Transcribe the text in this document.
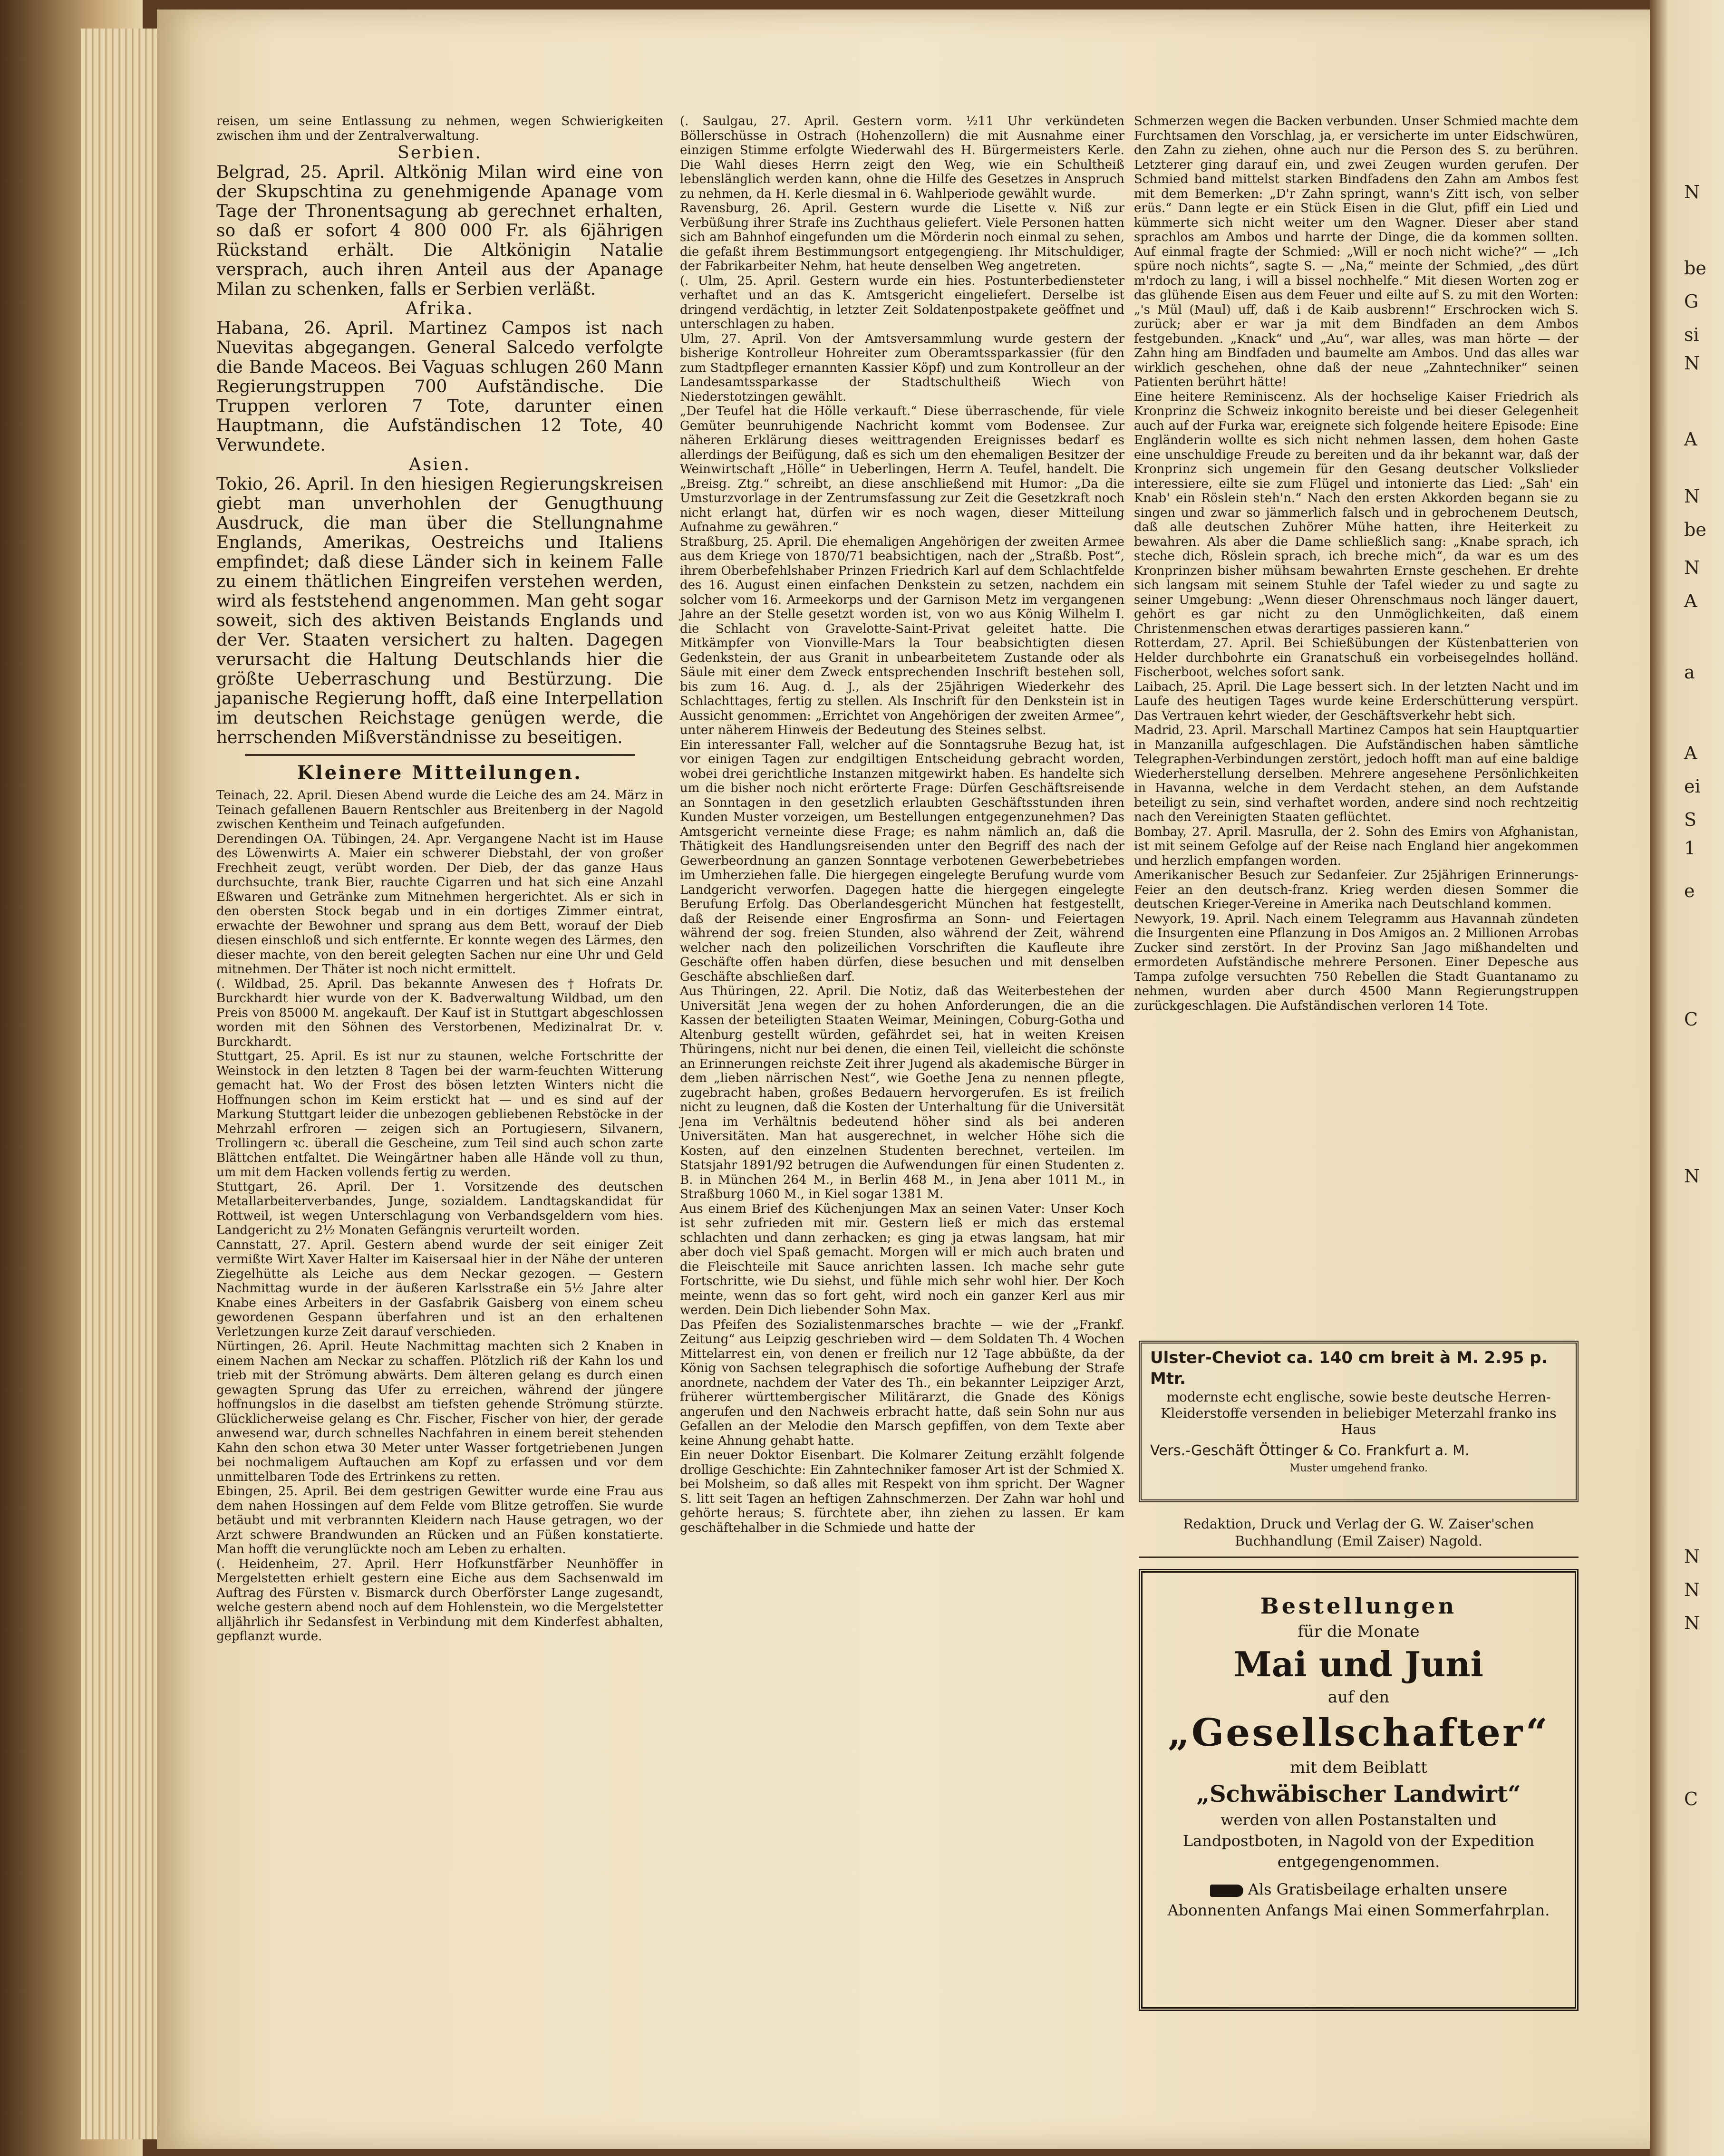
N
be
G
si
N
A
N
be
N
A
a
A
ei
S
1
e
C
N
N
N
N
C

reisen, um seine Entlassung zu nehmen, wegen Schwierigkeiten zwischen ihm und der Zentralverwaltung.

Serbien.

Belgrad, 25. April. Altkönig Milan wird eine von der Skupschtina zu genehmigende Apanage vom Tage der Thronentsagung ab gerechnet erhalten, so daß er sofort 4 800 000 Fr. als 6jährigen Rückstand erhält. Die Altkönigin Natalie versprach, auch ihren Anteil aus der Apanage Milan zu schenken, falls er Serbien verläßt.

Afrika.

Habana, 26. April. Martinez Campos ist nach Nuevitas abgegangen. General Salcedo verfolgte die Bande Maceos. Bei Vaguas schlugen 260 Mann Regierungstruppen 700 Aufständische. Die Truppen verloren 7 Tote, darunter einen Hauptmann, die Aufständischen 12 Tote, 40 Verwundete.

Asien.

Tokio, 26. April. In den hiesigen Regierungskreisen giebt man unverhohlen der Genugthuung Ausdruck, die man über die Stellungnahme Englands, Amerikas, Oestreichs und Italiens empfindet; daß diese Länder sich in keinem Falle zu einem thätlichen Eingreifen verstehen werden, wird als feststehend angenommen. Man geht sogar soweit, sich des aktiven Beistands Englands und der Ver. Staaten versichert zu halten. Dagegen verursacht die Haltung Deutschlands hier die größte Ueberraschung und Bestürzung. Die japanische Regierung hofft, daß eine Interpellation im deutschen Reichstage genügen werde, die herrschenden Mißverständnisse zu beseitigen.

Kleinere Mitteilungen.

Teinach, 22. April. Diesen Abend wurde die Leiche des am 24. März in Teinach gefallenen Bauern Rentschler aus Breitenberg in der Nagold zwischen Kentheim und Teinach aufgefunden.

Derendingen OA. Tübingen, 24. Apr. Vergangene Nacht ist im Hause des Löwenwirts A. Maier ein schwerer Diebstahl, der von großer Frechheit zeugt, verübt worden. Der Dieb, der das ganze Haus durchsuchte, trank Bier, rauchte Cigarren und hat sich eine Anzahl Eßwaren und Getränke zum Mitnehmen hergerichtet. Als er sich in den obersten Stock begab und in ein dortiges Zimmer eintrat, erwachte der Bewohner und sprang aus dem Bett, worauf der Dieb diesen einschloß und sich entfernte. Er konnte wegen des Lärmes, den dieser machte, von den bereit gelegten Sachen nur eine Uhr und Geld mitnehmen. Der Thäter ist noch nicht ermittelt.

(. Wildbad, 25. April. Das bekannte Anwesen des † Hofrats Dr. Burckhardt hier wurde von der K. Badverwaltung Wildbad, um den Preis von 85000 M. angekauft. Der Kauf ist in Stuttgart abgeschlossen worden mit den Söhnen des Verstorbenen, Medizinalrat Dr. v. Burckhardt.

Stuttgart, 25. April. Es ist nur zu staunen, welche Fortschritte der Weinstock in den letzten 8 Tagen bei der warm-feuchten Witterung gemacht hat. Wo der Frost des bösen letzten Winters nicht die Hoffnungen schon im Keim erstickt hat — und es sind auf der Markung Stuttgart leider die unbezogen gebliebenen Rebstöcke in der Mehrzahl erfroren — zeigen sich an Portugiesern, Silvanern, Trollingern ꝛc. überall die Gescheine, zum Teil sind auch schon zarte Blättchen entfaltet. Die Weingärtner haben alle Hände voll zu thun, um mit dem Hacken vollends fertig zu werden.

Stuttgart, 26. April. Der 1. Vorsitzende des deutschen Metallarbeiterverbandes, Junge, sozialdem. Landtagskandidat für Rottweil, ist wegen Unterschlagung von Verbandsgeldern vom hies. Landgericht zu 2½ Monaten Gefängnis verurteilt worden.

Cannstatt, 27. April. Gestern abend wurde der seit einiger Zeit vermißte Wirt Xaver Halter im Kaisersaal hier in der Nähe der unteren Ziegelhütte als Leiche aus dem Neckar gezogen. — Gestern Nachmittag wurde in der äußeren Karlsstraße ein 5½ Jahre alter Knabe eines Arbeiters in der Gasfabrik Gaisberg von einem scheu gewordenen Gespann überfahren und ist an den erhaltenen Verletzungen kurze Zeit darauf verschieden.

Nürtingen, 26. April. Heute Nachmittag machten sich 2 Knaben in einem Nachen am Neckar zu schaffen. Plötzlich riß der Kahn los und trieb mit der Strömung abwärts. Dem älteren gelang es durch einen gewagten Sprung das Ufer zu erreichen, während der jüngere hoffnungslos in die daselbst am tiefsten gehende Strömung stürzte. Glücklicherweise gelang es Chr. Fischer, Fischer von hier, der gerade anwesend war, durch schnelles Nachfahren in einem bereit stehenden Kahn den schon etwa 30 Meter unter Wasser fortgetriebenen Jungen bei nochmaligem Auftauchen am Kopf zu erfassen und vor dem unmittelbaren Tode des Ertrinkens zu retten.

Ebingen, 25. April. Bei dem gestrigen Gewitter wurde eine Frau aus dem nahen Hossingen auf dem Felde vom Blitze getroffen. Sie wurde betäubt und mit verbrannten Kleidern nach Hause getragen, wo der Arzt schwere Brandwunden an Rücken und an Füßen konstatierte. Man hofft die verunglückte noch am Leben zu erhalten.

(. Heidenheim, 27. April. Herr Hofkunstfärber Neunhöffer in Mergelstetten erhielt gestern eine Eiche aus dem Sachsenwald im Auftrag des Fürsten v. Bismarck durch Oberförster Lange zugesandt, welche gestern abend noch auf dem Hohlenstein, wo die Mergelstetter alljährlich ihr Sedansfest in Verbindung mit dem Kinderfest abhalten, gepflanzt wurde.

(. Saulgau, 27. April. Gestern vorm. ½11 Uhr verkündeten Böllerschüsse in Ostrach (Hohenzollern) die mit Ausnahme einer einzigen Stimme erfolgte Wiederwahl des H. Bürgermeisters Kerle. Die Wahl dieses Herrn zeigt den Weg, wie ein Schultheiß lebenslänglich werden kann, ohne die Hilfe des Gesetzes in Anspruch zu nehmen, da H. Kerle diesmal in 6. Wahlperiode gewählt wurde.

Ravensburg, 26. April. Gestern wurde die Lisette v. Niß zur Verbüßung ihrer Strafe ins Zuchthaus geliefert. Viele Personen hatten sich am Bahnhof eingefunden um die Mörderin noch einmal zu sehen, die gefaßt ihrem Bestimmungsort entgegengieng. Ihr Mitschuldiger, der Fabrikarbeiter Nehm, hat heute denselben Weg angetreten.

(. Ulm, 25. April. Gestern wurde ein hies. Postunterbediensteter verhaftet und an das K. Amtsgericht eingeliefert. Derselbe ist dringend verdächtig, in letzter Zeit Soldatenpostpakete geöffnet und unterschlagen zu haben.

Ulm, 27. April. Von der Amtsversammlung wurde gestern der bisherige Kontrolleur Hohreiter zum Oberamtssparkassier (für den zum Stadtpfleger ernannten Kassier Köpf) und zum Kontrolleur an der Landesamtssparkasse der Stadtschultheiß Wiech von Niederstotzingen gewählt.

„Der Teufel hat die Hölle verkauft.“ Diese überraschende, für viele Gemüter beunruhigende Nachricht kommt vom Bodensee. Zur näheren Erklärung dieses weittragenden Ereignisses bedarf es allerdings der Beifügung, daß es sich um den ehemaligen Besitzer der Weinwirtschaft „Hölle“ in Ueberlingen, Herrn A. Teufel, handelt. Die „Breisg. Ztg.“ schreibt, an diese anschließend mit Humor: „Da die Umsturzvorlage in der Zentrumsfassung zur Zeit die Gesetzkraft noch nicht erlangt hat, dürfen wir es noch wagen, dieser Mitteilung Aufnahme zu gewähren.“

Straßburg, 25. April. Die ehemaligen Angehörigen der zweiten Armee aus dem Kriege von 1870/71 beabsichtigen, nach der „Straßb. Post“, ihrem Oberbefehlshaber Prinzen Friedrich Karl auf dem Schlachtfelde des 16. August einen einfachen Denkstein zu setzen, nachdem ein solcher vom 16. Armeekorps und der Garnison Metz im vergangenen Jahre an der Stelle gesetzt worden ist, von wo aus König Wilhelm I. die Schlacht von Gravelotte-Saint-Privat geleitet hatte. Die Mitkämpfer von Vionville-Mars la Tour beabsichtigten diesen Gedenkstein, der aus Granit in unbearbeitetem Zustande oder als Säule mit einer dem Zweck entsprechenden Inschrift bestehen soll, bis zum 16. Aug. d. J., als der 25jährigen Wiederkehr des Schlachttages, fertig zu stellen. Als Inschrift für den Denkstein ist in Aussicht genommen: „Errichtet von Angehörigen der zweiten Armee“, unter näherem Hinweis der Bedeutung des Steines selbst.

Ein interessanter Fall, welcher auf die Sonntagsruhe Bezug hat, ist vor einigen Tagen zur endgiltigen Entscheidung gebracht worden, wobei drei gerichtliche Instanzen mitgewirkt haben. Es handelte sich um die bisher noch nicht erörterte Frage: Dürfen Geschäftsreisende an Sonntagen in den gesetzlich erlaubten Geschäftsstunden ihren Kunden Muster vorzeigen, um Bestellungen entgegenzunehmen? Das Amtsgericht verneinte diese Frage; es nahm nämlich an, daß die Thätigkeit des Handlungsreisenden unter den Begriff des nach der Gewerbeordnung an ganzen Sonntage verbotenen Gewerbebetriebes im Umherziehen falle. Die hiergegen eingelegte Berufung wurde vom Landgericht verworfen. Dagegen hatte die hiergegen eingelegte Berufung Erfolg. Das Oberlandesgericht München hat festgestellt, daß der Reisende einer Engrosfirma an Sonn- und Feiertagen während der sog. freien Stunden, also während der Zeit, während welcher nach den polizeilichen Vorschriften die Kaufleute ihre Geschäfte offen haben dürfen, diese besuchen und mit denselben Geschäfte abschließen darf.

Aus Thüringen, 22. April. Die Notiz, daß das Weiterbestehen der Universität Jena wegen der zu hohen Anforderungen, die an die Kassen der beteiligten Staaten Weimar, Meiningen, Coburg-Gotha und Altenburg gestellt würden, gefährdet sei, hat in weiten Kreisen Thüringens, nicht nur bei denen, die einen Teil, vielleicht die schönste an Erinnerungen reichste Zeit ihrer Jugend als akademische Bürger in dem „lieben närrischen Nest“, wie Goethe Jena zu nennen pflegte, zugebracht haben, großes Bedauern hervorgerufen. Es ist freilich nicht zu leugnen, daß die Kosten der Unterhaltung für die Universität Jena im Verhältnis bedeutend höher sind als bei anderen Universitäten. Man hat ausgerechnet, in welcher Höhe sich die Kosten, auf den einzelnen Studenten berechnet, verteilen. Im Statsjahr 1891/92 betrugen die Aufwendungen für einen Studenten z. B. in München 264 M., in Berlin 468 M., in Jena aber 1011 M., in Straßburg 1060 M., in Kiel sogar 1381 M.

Aus einem Brief des Küchenjungen Max an seinen Vater: Unser Koch ist sehr zufrieden mit mir. Gestern ließ er mich das erstemal schlachten und dann zerhacken; es ging ja etwas langsam, hat mir aber doch viel Spaß gemacht. Morgen will er mich auch braten und die Fleischteile mit Sauce anrichten lassen. Ich mache sehr gute Fortschritte, wie Du siehst, und fühle mich sehr wohl hier. Der Koch meinte, wenn das so fort geht, wird noch ein ganzer Kerl aus mir werden. Dein Dich liebender Sohn Max.

Das Pfeifen des Sozialistenmarsches brachte — wie der „Frankf. Zeitung“ aus Leipzig geschrieben wird — dem Soldaten Th. 4 Wochen Mittelarrest ein, von denen er freilich nur 12 Tage abbüßte, da der König von Sachsen telegraphisch die sofortige Aufhebung der Strafe anordnete, nachdem der Vater des Th., ein bekannter Leipziger Arzt, früherer württembergischer Militärarzt, die Gnade des Königs angerufen und den Nachweis erbracht hatte, daß sein Sohn nur aus Gefallen an der Melodie den Marsch gepfiffen, von dem Texte aber keine Ahnung gehabt hatte.

Ein neuer Doktor Eisenbart. Die Kolmarer Zeitung erzählt folgende drollige Geschichte: Ein Zahntechniker famoser Art ist der Schmied X. bei Molsheim, so daß alles mit Respekt von ihm spricht. Der Wagner S. litt seit Tagen an heftigen Zahnschmerzen. Der Zahn war hohl und gehörte heraus; S. fürchtete aber, ihn ziehen zu lassen. Er kam geschäftehalber in die Schmiede und hatte der

Schmerzen wegen die Backen verbunden. Unser Schmied machte dem Furchtsamen den Vorschlag, ja, er versicherte im unter Eidschwüren, den Zahn zu ziehen, ohne auch nur die Person des S. zu berühren. Letzterer ging darauf ein, und zwei Zeugen wurden gerufen. Der Schmied band mittelst starken Bindfadens den Zahn am Ambos fest mit dem Bemerken: „D'r Zahn springt, wann's Zitt isch, von selber erüs.“ Dann legte er ein Stück Eisen in die Glut, pfiff ein Lied und kümmerte sich nicht weiter um den Wagner. Dieser aber stand sprachlos am Ambos und harrte der Dinge, die da kommen sollten. Auf einmal fragte der Schmied: „Will er noch nicht wiche?“ — „Ich spüre noch nichts“, sagte S. — „Na,“ meinte der Schmied, „des dürt m'rdoch zu lang, i will a bissel nochhelfe.“ Mit diesen Worten zog er das glühende Eisen aus dem Feuer und eilte auf S. zu mit den Worten: „'s Mül (Maul) uff, daß i de Kaib ausbrenn!“ Erschrocken wich S. zurück; aber er war ja mit dem Bindfaden an dem Ambos festgebunden. „Knack“ und „Au“, war alles, was man hörte — der Zahn hing am Bindfaden und baumelte am Ambos. Und das alles war wirklich geschehen, ohne daß der neue „Zahntechniker“ seinen Patienten berührt hätte!

Eine heitere Reminiscenz. Als der hochselige Kaiser Friedrich als Kronprinz die Schweiz inkognito bereiste und bei dieser Gelegenheit auch auf der Furka war, ereignete sich folgende heitere Episode: Eine Engländerin wollte es sich nicht nehmen lassen, dem hohen Gaste eine unschuldige Freude zu bereiten und da ihr bekannt war, daß der Kronprinz sich ungemein für den Gesang deutscher Volkslieder interessiere, eilte sie zum Flügel und intonierte das Lied: „Sah' ein Knab' ein Röslein steh'n.“ Nach den ersten Akkorden begann sie zu singen und zwar so jämmerlich falsch und in gebrochenem Deutsch, daß alle deutschen Zuhörer Mühe hatten, ihre Heiterkeit zu bewahren. Als aber die Dame schließlich sang: „Knabe sprach, ich steche dich, Röslein sprach, ich breche mich“, da war es um des Kronprinzen bisher mühsam bewahrten Ernste geschehen. Er drehte sich langsam mit seinem Stuhle der Tafel wieder zu und sagte zu seiner Umgebung: „Wenn dieser Ohrenschmaus noch länger dauert, gehört es gar nicht zu den Unmöglichkeiten, daß einem Christenmenschen etwas derartiges passieren kann.“

Rotterdam, 27. April. Bei Schießübungen der Küstenbatterien von Helder durchbohrte ein Granatschuß ein vorbeisegelndes holländ. Fischerboot, welches sofort sank.

Laibach, 25. April. Die Lage bessert sich. In der letzten Nacht und im Laufe des heutigen Tages wurde keine Erderschütterung verspürt. Das Vertrauen kehrt wieder, der Geschäftsverkehr hebt sich.

Madrid, 23. April. Marschall Martinez Campos hat sein Hauptquartier in Manzanilla aufgeschlagen. Die Aufständischen haben sämtliche Telegraphen-Verbindungen zerstört, jedoch hofft man auf eine baldige Wiederherstellung derselben. Mehrere angesehene Persönlichkeiten in Havanna, welche in dem Verdacht stehen, an dem Aufstande beteiligt zu sein, sind verhaftet worden, andere sind noch rechtzeitig nach den Vereinigten Staaten geflüchtet.

Bombay, 27. April. Masrulla, der 2. Sohn des Emirs von Afghanistan, ist mit seinem Gefolge auf der Reise nach England hier angekommen und herzlich empfangen worden.

Amerikanischer Besuch zur Sedanfeier. Zur 25jährigen Erinnerungs-Feier an den deutsch-franz. Krieg werden diesen Sommer die deutschen Krieger-Vereine in Amerika nach Deutschland kommen.

Newyork, 19. April. Nach einem Telegramm aus Havannah zündeten die Insurgenten eine Pflanzung in Dos Amigos an. 2 Millionen Arrobas Zucker sind zerstört. In der Provinz San Jago mißhandelten und ermordeten Aufständische mehrere Personen. Einer Depesche aus Tampa zufolge versuchten 750 Rebellen die Stadt Guantanamo zu nehmen, wurden aber durch 4500 Mann Regierungstruppen zurückgeschlagen. Die Aufständischen verloren 14 Tote.

Ulster-Cheviot ca. 140 cm breit à M. 2.95 p. Mtr.
modernste echt englische, sowie beste deutsche Herren-Kleiderstoffe versenden in beliebiger Meterzahl franko ins Haus
Vers.-Geschäft Öttinger & Co. Frankfurt a. M.
Muster umgehend franko.
Redaktion, Druck und Verlag der G. W. Zaiser'schen Buchhandlung (Emil Zaiser) Nagold.
Bestellungen
für die Monate
Mai und Juni
auf den
„Gesellschafter“
mit dem Beiblatt
„Schwäbischer Landwirt“
werden von allen Postanstalten und Landpostboten, in Nagold von der Expedition entgegengenommen.
Als Gratisbeilage erhalten unsere Abonnenten Anfangs Mai einen Sommerfahrplan.
